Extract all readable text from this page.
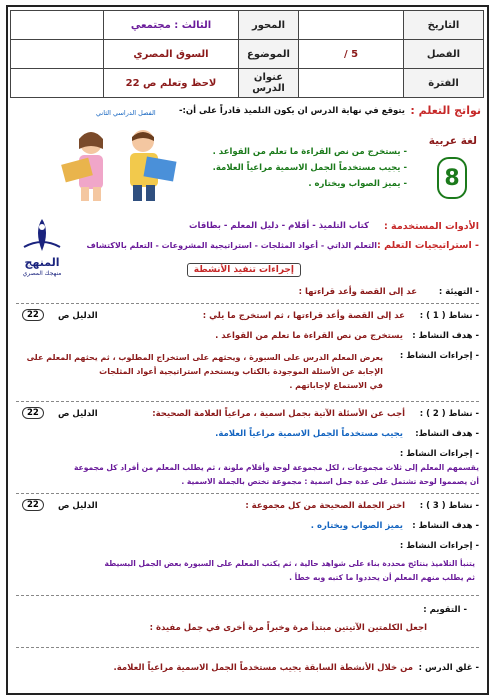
التاريخ		المحور	الثالث : مجتمعي	
الفصل	5 /	الموضوع	السوق المصري	
الفترة		عنوان الدرس	لاحظ وتعلم ص 22	
نواتج التعلم :
يتوقع في نهاية الدرس ان يكون التلميذ قادراً على أن:-
لغة عربية
8
- يستخرج من نص القراءة ما تعلم من القواعد .
- يجيب مستخدماً الجمل الاسمية مراعياً العلامة.
- يميز الصواب ويختاره .
الفصل الدراسي الثاني
المنهج
منهجك المصري
الأدوات المستخدمة :
كتاب التلميذ - أقلام - دليل المعلم - بطاقات
- استراتيجيات التعلم :
التعلم الذاتي - أعواد المثلجات - استراتيجية المشروعات - التعلم بالاكتشاف
إجراءات تنفيذ الأنشطة
- التهيئة :
عد إلى القصة وأعد قراءتها :
- نشاط ( 1 ) :
عد إلى القصة وأعد قراءتها ، ثم استخرج ما يلي :
الدليل ص
22
- هدف النشاط :
يستخرج من نص القراءة ما تعلم من القواعد .
- إجراءات النشاط :
يعرض المعلم الدرس على السبورة ، ويحثهم على استخراج المطلوب ، ثم يحثهم المعلم على
الإجابة عن الأسئلة الموجودة بالكتاب ويستخدم استراتيجية أعواد المثلجات
في الاستماع لإجاباتهم .
- نشاط ( 2 ) :
أجب عن الأسئلة الآتية بجمل اسمية ، مراعياً العلامة الصحيحة:
الدليل ص
22
- هدف النشاط:
يجيب مستخدماً الجمل الاسمية مراعياً العلامة.
- إجراءات النشاط :
يقسمهم المعلم إلى ثلاث مجموعات ، لكل مجموعة لوحة وأقلام ملونة ، ثم يطلب المعلم من أفراد كل مجموعة
أن يصمموا لوحة تشتمل على عدة جمل اسمية : مجموعة تختص بالجملة الاسمية .
- نشاط ( 3 ) :
اختر الجملة الصحيحة من كل مجموعة :
الدليل ص
22
- هدف النشاط :
يميز الصواب ويختاره .
- إجراءات النشاط :
يتنبأ التلاميذ بنتائج محددة بناء على شواهد حالية ، ثم يكتب المعلم على السبورة بعض الجمل البسيطة
ثم يطلب منهم المعلم أن يحددوا ما كتبه وبه خطأ .
- التقويم :
اجعل الكلمتين الآتيتين مبتدأ مرة وخبراً مرة أخرى في جمل مفيدة :
- غلق الدرس :
من خلال الأنشطة السابقة يجيب مستخدماً الجمل الاسمية مراعياً العلامة.
